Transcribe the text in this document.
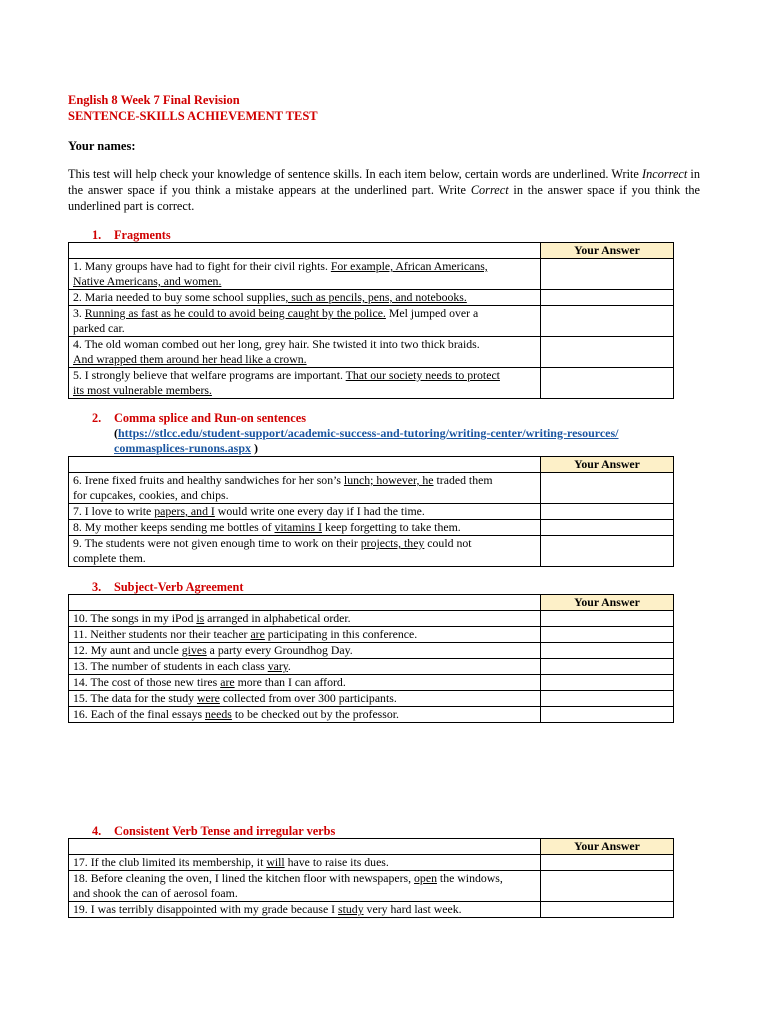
English 8 Week 7 Final Revision
SENTENCE-SKILLS ACHIEVEMENT TEST
Your names:
This test will help check your knowledge of sentence skills. In each item below, certain words are underlined. Write Incorrect in the answer space if you think a mistake appears at the underlined part. Write Correct in the answer space if you think the underlined part is correct.
1. Fragments
	Your Answer
1. Many groups have had to fight for their civil rights. For example, African Americans,
Native Americans, and women.	
2. Maria needed to buy some school supplies, such as pencils, pens, and notebooks.	
3. Running as fast as he could to avoid being caught by the police. Mel jumped over a
parked car.	
4. The old woman combed out her long, grey hair. She twisted it into two thick braids.
And wrapped them around her head like a crown.	
5. I strongly believe that welfare programs are important. That our society needs to protect
its most vulnerable members.	
2. Comma splice and Run-on sentences
(https://stlcc.edu/student-support/academic-success-and-tutoring/writing-center/writing-resources/
commasplices-runons.aspx )
	Your Answer
6. Irene fixed fruits and healthy sandwiches for her son’s lunch; however, he traded them
for cupcakes, cookies, and chips.	
7. I love to write papers, and I would write one every day if I had the time.	
8. My mother keeps sending me bottles of vitamins I keep forgetting to take them.	
9. The students were not given enough time to work on their projects, they could not
complete them.	
3. Subject-Verb Agreement
	Your Answer
10. The songs in my iPod is arranged in alphabetical order.	
11. Neither students nor their teacher are participating in this conference.	
12. My aunt and uncle gives a party every Groundhog Day.	
13. The number of students in each class vary.	
14. The cost of those new tires are more than I can afford.	
15. The data for the study were collected from over 300 participants.	
16. Each of the final essays needs to be checked out by the professor.	
4. Consistent Verb Tense and irregular verbs
	Your Answer
17. If the club limited its membership, it will have to raise its dues.	
18. Before cleaning the oven, I lined the kitchen floor with newspapers, open the windows,
and shook the can of aerosol foam.	
19. I was terribly disappointed with my grade because I study very hard last week.	
